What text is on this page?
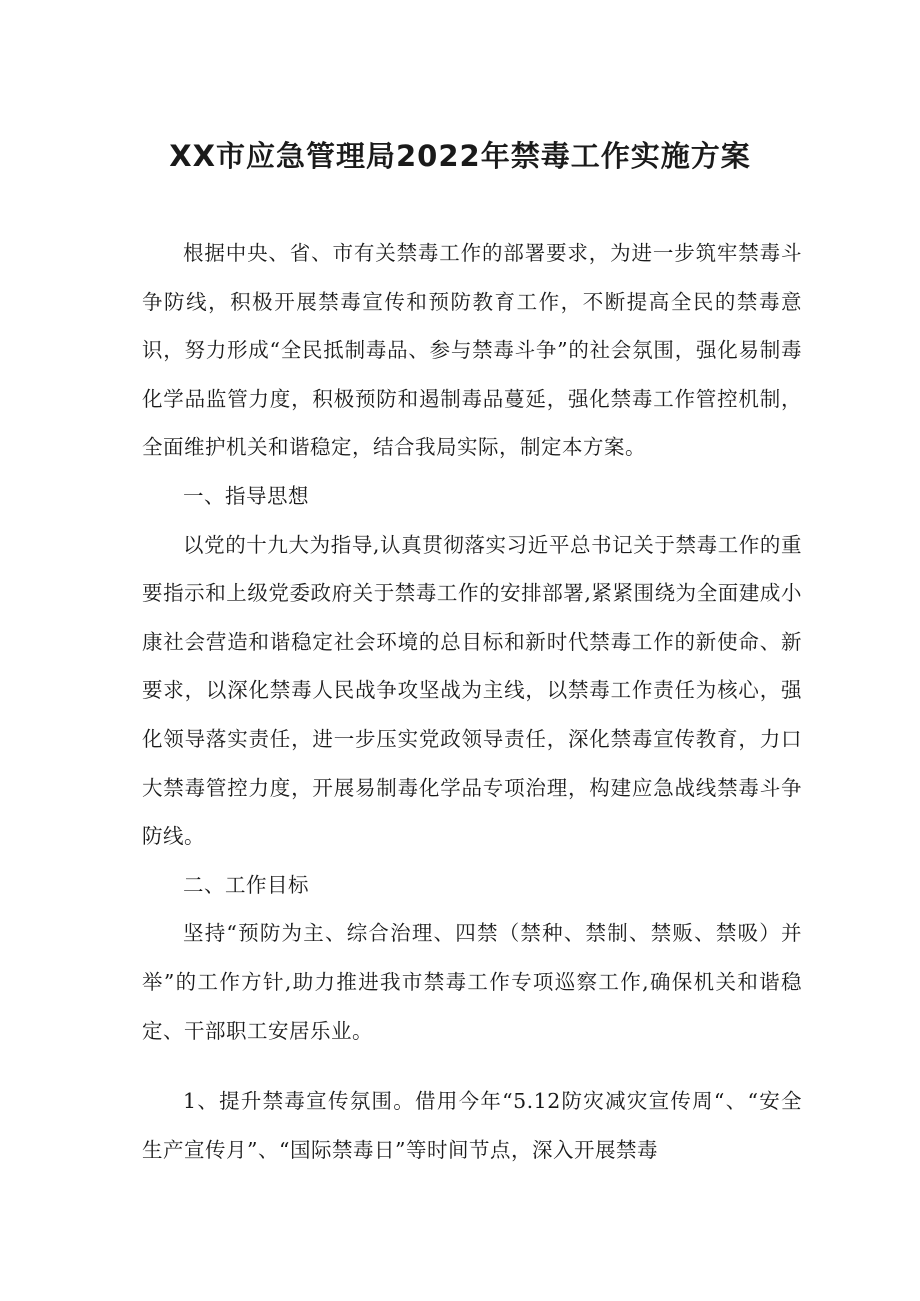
XX市应急管理局2022年禁毒工作实施方案

根据中央、省、市有关禁毒工作的部署要求，为进一步筑牢禁毒斗争防线，积极开展禁毒宣传和预防教育工作，不断提高全民的禁毒意识，努力形成“全民抵制毒品、参与禁毒斗争”的社会氛围，强化易制毒化学品监管力度，积极预防和遏制毒品蔓延，强化禁毒工作管控机制，全面维护机关和谐稳定，结合我局实际，制定本方案。

一、指导思想

以党的十九大为指导,认真贯彻落实习近平总书记关于禁毒工作的重要指示和上级党委政府关于禁毒工作的安排部署,紧紧围绕为全面建成小康社会营造和谐稳定社会环境的总目标和新时代禁毒工作的新使命、新要求，以深化禁毒人民战争攻坚战为主线，以禁毒工作责任为核心，强化领导落实责任，进一步压实党政领导责任，深化禁毒宣传教育，力口大禁毒管控力度，开展易制毒化学品专项治理，构建应急战线禁毒斗争防线。

二、工作目标

坚持“预防为主、综合治理、四禁（禁种、禁制、禁贩、禁吸）并举”的工作方针,助力推进我市禁毒工作专项巡察工作,确保机关和谐稳定、干部职工安居乐业。

1、提升禁毒宣传氛围。借用今年“5.12防灾减灾宣传周“、“安全生产宣传月”、“国际禁毒日”等时间节点，深入开展禁毒
